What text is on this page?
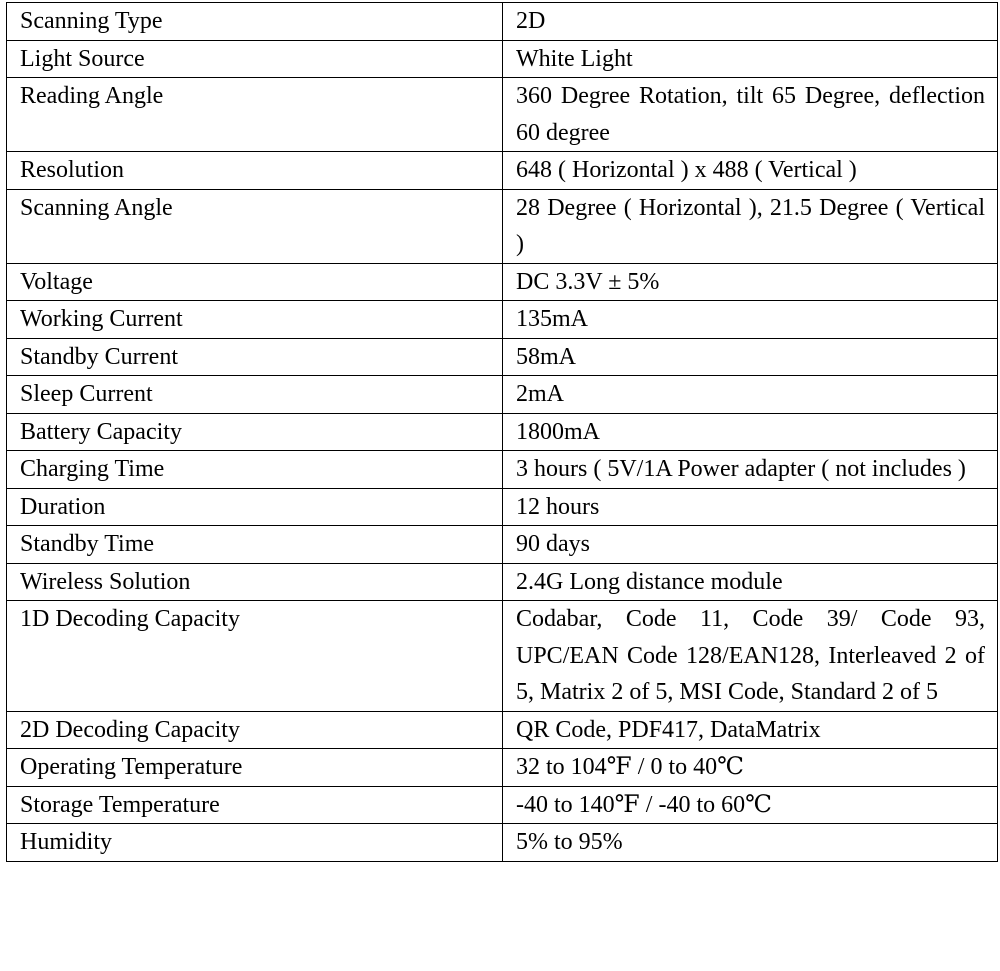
Scanning Type	2D
Light Source	White Light
Reading Angle	360 Degree Rotation, tilt 65 Degree, deflection 60 degree
Resolution	648 ( Horizontal ) x 488 ( Vertical )
Scanning Angle	28 Degree ( Horizontal ), 21.5 Degree ( Vertical )
Voltage	DC 3.3V ± 5%
Working Current	135mA
Standby Current	58mA
Sleep Current	2mA
Battery Capacity	1800mA
Charging Time	3 hours ( 5V/1A Power adapter ( not includes )
Duration	12 hours
Standby Time	90 days
Wireless Solution	2.4G Long distance module
1D Decoding Capacity	Codabar, Code 11, Code 39/ Code 93, UPC/EAN Code 128/EAN128, Interleaved 2 of 5, Matrix 2 of 5, MSI Code, Standard 2 of 5
2D Decoding Capacity	QR Code, PDF417, DataMatrix
Operating Temperature	32 to 104℉ / 0 to 40℃
Storage Temperature	-40 to 140℉ / -40 to 60℃
Humidity	5% to 95%
